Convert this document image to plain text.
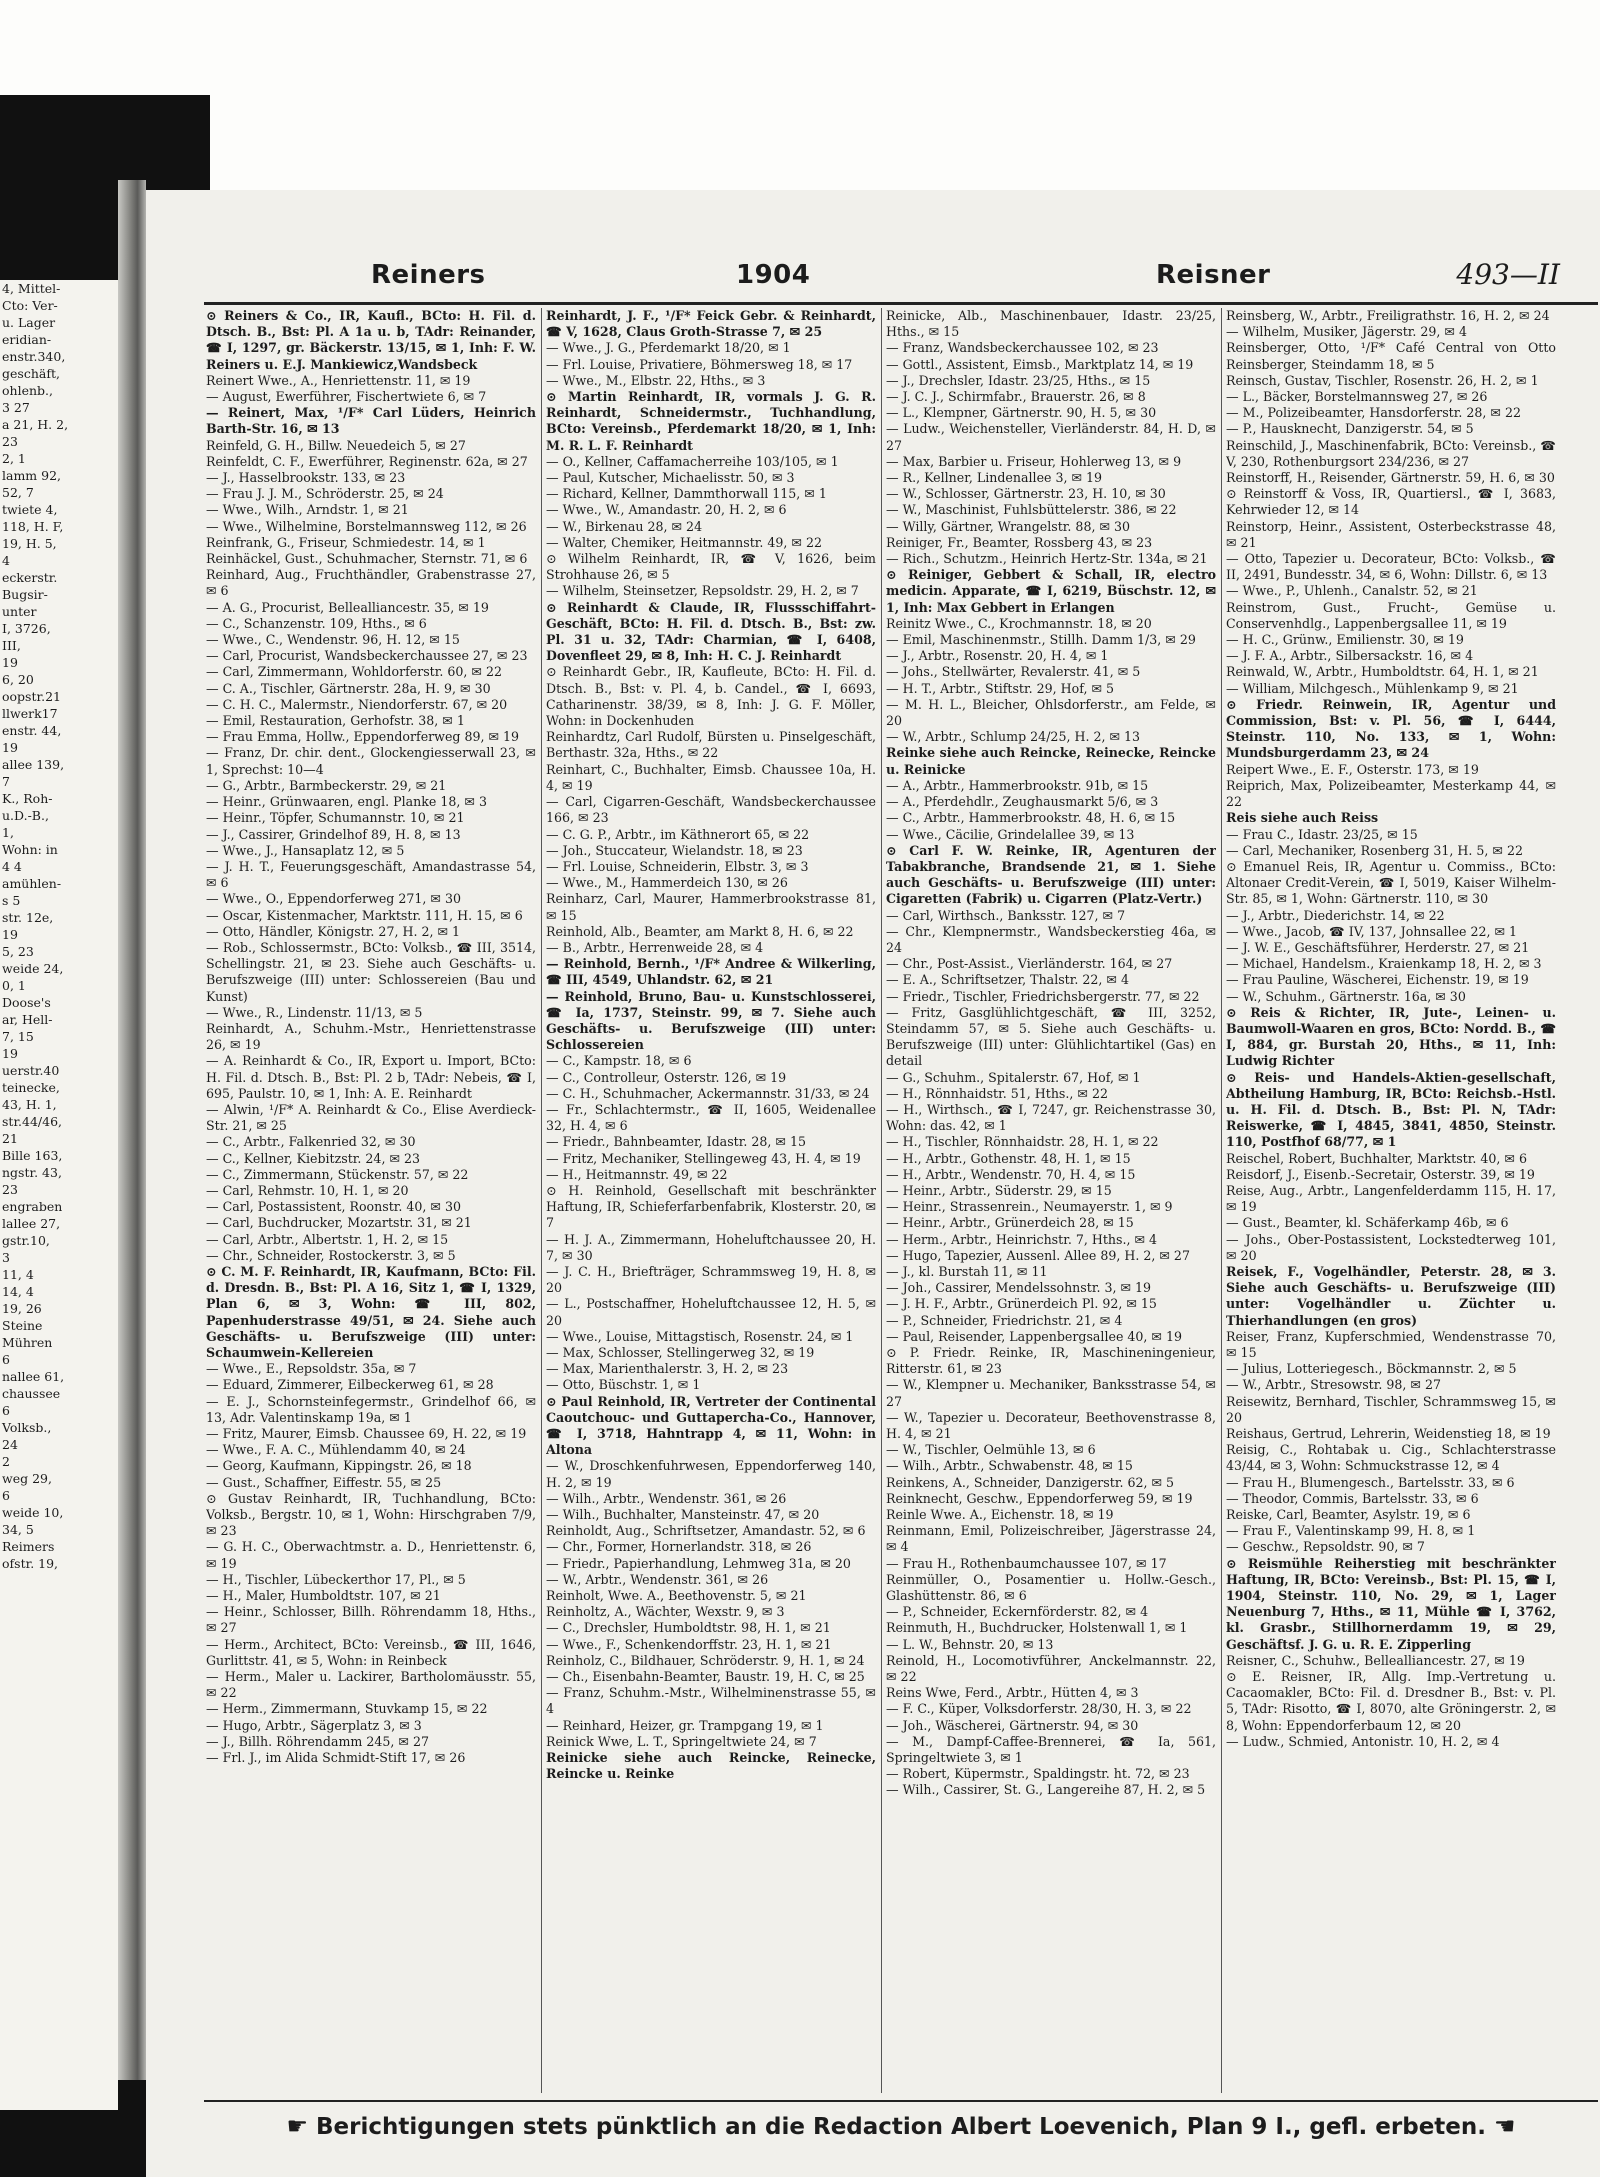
4, Mittel-
Cto: Ver-
u. Lager
eridian-
enstr.340,
geschäft,
ohlenb.,
3 27
a 21, H. 2,
23
2, 1
lamm 92,
52, 7
twiete 4,
118, H. F,
19, H. 5,
4
eckerstr.
Bugsir-
unter
I, 3726,
III,
19
6, 20
oopstr.21
llwerk17
enstr. 44,
19
allee 139,
7
K., Roh-
u.D.-B.,
1,
Wohn: in
4 4
amühlen-
s 5
str. 12e,
19
5, 23
weide 24,
0, 1
Doose's
ar, Hell-
7, 15
19
uerstr.40
teinecke,
43, H. 1,
str.44/46,
21
Bille 163,
ngstr. 43,
23
engraben
lallee 27,
gstr.10,
3
11, 4
14, 4
19, 26
Steine
Mühren
6
nallee 61,
chaussee
6
Volksb.,
24
2
weg 29,
6
weide 10,
34, 5
Reimers
ofstr. 19,
Reiners	1904	Reisner	493—II
⊙ Reiners & Co., IR, Kaufl., BCto: H. Fil. d. Dtsch. B., Bst: Pl. A 1a u. b, TAdr: Reinander, ☎ I, 1297, gr. Bäckerstr. 13/15, ✉ 1, Inh: F. W. Reiners u. E.J. Mankiewicz,Wandsbeck
Reinert Wwe., A., Henriettenstr. 11, ✉ 19
— August, Ewerführer, Fischertwiete 6, ✉ 7
— Reinert, Max, ¹/F* Carl Lüders, Heinrich Barth-Str. 16, ✉ 13
Reinfeld, G. H., Billw. Neuedeich 5, ✉ 27
Reinfeldt, C. F., Ewerführer, Reginenstr. 62a, ✉ 27
— J., Hasselbrookstr. 133, ✉ 23
— Frau J. J. M., Schröderstr. 25, ✉ 24
— Wwe., Wilh., Arndstr. 1, ✉ 21
— Wwe., Wilhelmine, Borstelmannsweg 112, ✉ 26
Reinfrank, G., Friseur, Schmiedestr. 14, ✉ 1
Reinhäckel, Gust., Schuhmacher, Sternstr. 71, ✉ 6
Reinhard, Aug., Fruchthändler, Grabenstrasse 27, ✉ 6
— A. G., Procurist, Bellealliancestr. 35, ✉ 19
— C., Schanzenstr. 109, Hths., ✉ 6
— Wwe., C., Wendenstr. 96, H. 12, ✉ 15
— Carl, Procurist, Wandsbeckerchaussee 27, ✉ 23
— Carl, Zimmermann, Wohldorferstr. 60, ✉ 22
— C. A., Tischler, Gärtnerstr. 28a, H. 9, ✉ 30
— C. H. C., Malermstr., Niendorferstr. 67, ✉ 20
— Emil, Restauration, Gerhofstr. 38, ✉ 1
— Frau Emma, Hollw., Eppendorferweg 89, ✉ 19
— Franz, Dr. chir. dent., Glockengiesserwall 23, ✉ 1, Sprechst: 10—4
— G., Arbtr., Barmbeckerstr. 29, ✉ 21
— Heinr., Grünwaaren, engl. Planke 18, ✉ 3
— Heinr., Töpfer, Schumannstr. 10, ✉ 21
— J., Cassirer, Grindelhof 89, H. 8, ✉ 13
— Wwe., J., Hansaplatz 12, ✉ 5
— J. H. T., Feuerungsgeschäft, Amandastrasse 54, ✉ 6
— Wwe., O., Eppendorferweg 271, ✉ 30
— Oscar, Kistenmacher, Marktstr. 111, H. 15, ✉ 6
— Otto, Händler, Königstr. 27, H. 2, ✉ 1
— Rob., Schlossermstr., BCto: Volksb., ☎ III, 3514, Schellingstr. 21, ✉ 23. Siehe auch Geschäfts- u. Berufszweige (III) unter: Schlossereien (Bau und Kunst)
— Wwe., R., Lindenstr. 11/13, ✉ 5
Reinhardt, A., Schuhm.-Mstr., Henriettenstrasse 26, ✉ 19
— A. Reinhardt & Co., IR, Export u. Import, BCto: H. Fil. d. Dtsch. B., Bst: Pl. 2 b, TAdr: Nebeis, ☎ I, 695, Paulstr. 10, ✉ 1, Inh: A. E. Reinhardt
— Alwin, ¹/F* A. Reinhardt & Co., Elise Averdieck-Str. 21, ✉ 25
— C., Arbtr., Falkenried 32, ✉ 30
— C., Kellner, Kiebitzstr. 24, ✉ 23
— C., Zimmermann, Stückenstr. 57, ✉ 22
— Carl, Rehmstr. 10, H. 1, ✉ 20
— Carl, Postassistent, Roonstr. 40, ✉ 30
— Carl, Buchdrucker, Mozartstr. 31, ✉ 21
— Carl, Arbtr., Albertstr. 1, H. 2, ✉ 15
— Chr., Schneider, Rostockerstr. 3, ✉ 5
⊙ C. M. F. Reinhardt, IR, Kaufmann, BCto: Fil. d. Dresdn. B., Bst: Pl. A 16, Sitz 1, ☎ I, 1329, Plan 6, ✉ 3, Wohn: ☎ III, 802, Papenhuderstrasse 49/51, ✉ 24. Siehe auch Geschäfts- u. Berufszweige (III) unter: Schaumwein-Kellereien
— Wwe., E., Repsoldstr. 35a, ✉ 7
— Eduard, Zimmerer, Eilbeckerweg 61, ✉ 28
— E. J., Schornsteinfegermstr., Grindelhof 66, ✉ 13, Adr. Valentinskamp 19a, ✉ 1
— Fritz, Maurer, Eimsb. Chaussee 69, H. 22, ✉ 19
— Wwe., F. A. C., Mühlendamm 40, ✉ 24
— Georg, Kaufmann, Kippingstr. 26, ✉ 18
— Gust., Schaffner, Eiffestr. 55, ✉ 25
⊙ Gustav Reinhardt, IR, Tuchhandlung, BCto: Volksb., Bergstr. 10, ✉ 1, Wohn: Hirschgraben 7/9, ✉ 23
— G. H. C., Oberwachtmstr. a. D., Henriettenstr. 6, ✉ 19
— H., Tischler, Lübeckerthor 17, Pl., ✉ 5
— H., Maler, Humboldtstr. 107, ✉ 21
— Heinr., Schlosser, Billh. Röhrendamm 18, Hths., ✉ 27
— Herm., Architect, BCto: Vereinsb., ☎ III, 1646, Gurlittstr. 41, ✉ 5, Wohn: in Reinbeck
— Herm., Maler u. Lackirer, Bartholomäusstr. 55, ✉ 22
— Herm., Zimmermann, Stuvkamp 15, ✉ 22
— Hugo, Arbtr., Sägerplatz 3, ✉ 3
— J., Billh. Röhrendamm 245, ✉ 27
— Frl. J., im Alida Schmidt-Stift 17, ✉ 26
Reinhardt, J. F., ¹/F* Feick Gebr. & Reinhardt, ☎ V, 1628, Claus Groth-Strasse 7, ✉ 25
— Wwe., J. G., Pferdemarkt 18/20, ✉ 1
— Frl. Louise, Privatiere, Böhmersweg 18, ✉ 17
— Wwe., M., Elbstr. 22, Hths., ✉ 3
⊙ Martin Reinhardt, IR, vormals J. G. R. Reinhardt, Schneidermstr., Tuchhandlung, BCto: Vereinsb., Pferdemarkt 18/20, ✉ 1, Inh: M. R. L. F. Reinhardt
— O., Kellner, Caffamacherreihe 103/105, ✉ 1
— Paul, Kutscher, Michaelisstr. 50, ✉ 3
— Richard, Kellner, Dammthorwall 115, ✉ 1
— Wwe., W., Amandastr. 20, H. 2, ✉ 6
— W., Birkenau 28, ✉ 24
— Walter, Chemiker, Heitmannstr. 49, ✉ 22
⊙ Wilhelm Reinhardt, IR, ☎ V, 1626, beim Strohhause 26, ✉ 5
— Wilhelm, Steinsetzer, Repsoldstr. 29, H. 2, ✉ 7
⊙ Reinhardt & Claude, IR, Flussschiffahrt-Geschäft, BCto: H. Fil. d. Dtsch. B., Bst: zw. Pl. 31 u. 32, TAdr: Charmian, ☎ I, 6408, Dovenfleet 29, ✉ 8, Inh: H. C. J. Reinhardt
⊙ Reinhardt Gebr., IR, Kaufleute, BCto: H. Fil. d. Dtsch. B., Bst: v. Pl. 4, b. Candel., ☎ I, 6693, Catharinenstr. 38/39, ✉ 8, Inh: J. G. F. Möller, Wohn: in Dockenhuden
Reinhardtz, Carl Rudolf, Bürsten u. Pinselgeschäft, Berthastr. 32a, Hths., ✉ 22
Reinhart, C., Buchhalter, Eimsb. Chaussee 10a, H. 4, ✉ 19
— Carl, Cigarren-Geschäft, Wandsbeckerchaussee 166, ✉ 23
— C. G. P., Arbtr., im Käthnerort 65, ✉ 22
— Joh., Stuccateur, Wielandstr. 18, ✉ 23
— Frl. Louise, Schneiderin, Elbstr. 3, ✉ 3
— Wwe., M., Hammerdeich 130, ✉ 26
Reinharz, Carl, Maurer, Hammerbrookstrasse 81, ✉ 15
Reinhold, Alb., Beamter, am Markt 8, H. 6, ✉ 22
— B., Arbtr., Herrenweide 28, ✉ 4
— Reinhold, Bernh., ¹/F* Andree & Wilkerling, ☎ III, 4549, Uhlandstr. 62, ✉ 21
— Reinhold, Bruno, Bau- u. Kunstschlosserei, ☎ Ia, 1737, Steinstr. 99, ✉ 7. Siehe auch Geschäfts- u. Berufszweige (III) unter: Schlossereien
— C., Kampstr. 18, ✉ 6
— C., Controlleur, Osterstr. 126, ✉ 19
— C. H., Schuhmacher, Ackermannstr. 31/33, ✉ 24
— Fr., Schlachtermstr., ☎ II, 1605, Weidenallee 32, H. 4, ✉ 6
— Friedr., Bahnbeamter, Idastr. 28, ✉ 15
— Fritz, Mechaniker, Stellingeweg 43, H. 4, ✉ 19
— H., Heitmannstr. 49, ✉ 22
⊙ H. Reinhold, Gesellschaft mit beschränkter Haftung, IR, Schieferfarbenfabrik, Klosterstr. 20, ✉ 7
— H. J. A., Zimmermann, Hoheluftchaussee 20, H. 7, ✉ 30
— J. C. H., Briefträger, Schrammsweg 19, H. 8, ✉ 20
— L., Postschaffner, Hoheluftchaussee 12, H. 5, ✉ 20
— Wwe., Louise, Mittagstisch, Rosenstr. 24, ✉ 1
— Max, Schlosser, Stellingerweg 32, ✉ 19
— Max, Marienthalerstr. 3, H. 2, ✉ 23
— Otto, Büschstr. 1, ✉ 1
⊙ Paul Reinhold, IR, Vertreter der Continental Caoutchouc- und Guttapercha-Co., Hannover, ☎ I, 3718, Hahntrapp 4, ✉ 11, Wohn: in Altona
— W., Droschkenfuhrwesen, Eppendorferweg 140, H. 2, ✉ 19
— Wilh., Arbtr., Wendenstr. 361, ✉ 26
— Wilh., Buchhalter, Mansteinstr. 47, ✉ 20
Reinholdt, Aug., Schriftsetzer, Amandastr. 52, ✉ 6
— Chr., Former, Hornerlandstr. 318, ✉ 26
— Friedr., Papierhandlung, Lehmweg 31a, ✉ 20
— W., Arbtr., Wendenstr. 361, ✉ 26
Reinholt, Wwe. A., Beethovenstr. 5, ✉ 21
Reinholtz, A., Wächter, Wexstr. 9, ✉ 3
— C., Drechsler, Humboldtstr. 98, H. 1, ✉ 21
— Wwe., F., Schenkendorffstr. 23, H. 1, ✉ 21
Reinholz, C., Bildhauer, Schröderstr. 9, H. 1, ✉ 24
— Ch., Eisenbahn-Beamter, Baustr. 19, H. C, ✉ 25
— Franz, Schuhm.-Mstr., Wilhelminenstrasse 55, ✉ 4
— Reinhard, Heizer, gr. Trampgang 19, ✉ 1
Reinick Wwe, L. T., Springeltwiete 24, ✉ 7
Reinicke siehe auch Reincke, Reinecke, Reincke u. Reinke
Reinicke, Alb., Maschinenbauer, Idastr. 23/25, Hths., ✉ 15
— Franz, Wandsbeckerchaussee 102, ✉ 23
— Gottl., Assistent, Eimsb., Marktplatz 14, ✉ 19
— J., Drechsler, Idastr. 23/25, Hths., ✉ 15
— J. C. J., Schirmfabr., Brauerstr. 26, ✉ 8
— L., Klempner, Gärtnerstr. 90, H. 5, ✉ 30
— Ludw., Weichensteller, Vierländerstr. 84, H. D, ✉ 27
— Max, Barbier u. Friseur, Hohlerweg 13, ✉ 9
— R., Kellner, Lindenallee 3, ✉ 19
— W., Schlosser, Gärtnerstr. 23, H. 10, ✉ 30
— W., Maschinist, Fuhlsbüttelerstr. 386, ✉ 22
— Willy, Gärtner, Wrangelstr. 88, ✉ 30
Reiniger, Fr., Beamter, Rossberg 43, ✉ 23
— Rich., Schutzm., Heinrich Hertz-Str. 134a, ✉ 21
⊙ Reiniger, Gebbert & Schall, IR, electro medicin. Apparate, ☎ I, 6219, Büschstr. 12, ✉ 1, Inh: Max Gebbert in Erlangen
Reinitz Wwe., C., Krochmannstr. 18, ✉ 20
— Emil, Maschinenmstr., Stillh. Damm 1/3, ✉ 29
— J., Arbtr., Rosenstr. 20, H. 4, ✉ 1
— Johs., Stellwärter, Revalerstr. 41, ✉ 5
— H. T., Arbtr., Stiftstr. 29, Hof, ✉ 5
— M. H. L., Bleicher, Ohlsdorferstr., am Felde, ✉ 20
— W., Arbtr., Schlump 24/25, H. 2, ✉ 13
Reinke siehe auch Reincke, Reinecke, Reincke u. Reinicke
— A., Arbtr., Hammerbrookstr. 91b, ✉ 15
— A., Pferdehdlr., Zeughausmarkt 5/6, ✉ 3
— C., Arbtr., Hammerbrookstr. 48, H. 6, ✉ 15
— Wwe., Cäcilie, Grindelallee 39, ✉ 13
⊙ Carl F. W. Reinke, IR, Agenturen der Tabakbranche, Brandsende 21, ✉ 1. Siehe auch Geschäfts- u. Berufszweige (III) unter: Cigaretten (Fabrik) u. Cigarren (Platz-Vertr.)
— Carl, Wirthsch., Banksstr. 127, ✉ 7
— Chr., Klempnermstr., Wandsbeckerstieg 46a, ✉ 24
— Chr., Post-Assist., Vierländerstr. 164, ✉ 27
— E. A., Schriftsetzer, Thalstr. 22, ✉ 4
— Friedr., Tischler, Friedrichsbergerstr. 77, ✉ 22
— Fritz, Gasglühlichtgeschäft, ☎ III, 3252, Steindamm 57, ✉ 5. Siehe auch Geschäfts- u. Berufszweige (III) unter: Glühlichtartikel (Gas) en detail
— G., Schuhm., Spitalerstr. 67, Hof, ✉ 1
— H., Rönnhaidstr. 51, Hths., ✉ 22
— H., Wirthsch., ☎ I, 7247, gr. Reichenstrasse 30, Wohn: das. 42, ✉ 1
— H., Tischler, Rönnhaidstr. 28, H. 1, ✉ 22
— H., Arbtr., Gothenstr. 48, H. 1, ✉ 15
— H., Arbtr., Wendenstr. 70, H. 4, ✉ 15
— Heinr., Arbtr., Süderstr. 29, ✉ 15
— Heinr., Strassenrein., Neumayerstr. 1, ✉ 9
— Heinr., Arbtr., Grünerdeich 28, ✉ 15
— Herm., Arbtr., Heinrichstr. 7, Hths., ✉ 4
— Hugo, Tapezier, Aussenl. Allee 89, H. 2, ✉ 27
— J., kl. Burstah 11, ✉ 11
— Joh., Cassirer, Mendelssohnstr. 3, ✉ 19
— J. H. F., Arbtr., Grünerdeich Pl. 92, ✉ 15
— P., Schneider, Friedrichstr. 21, ✉ 4
— Paul, Reisender, Lappenbergsallee 40, ✉ 19
⊙ P. Friedr. Reinke, IR, Maschineningenieur, Ritterstr. 61, ✉ 23
— W., Klempner u. Mechaniker, Banksstrasse 54, ✉ 27
— W., Tapezier u. Decorateur, Beethovenstrasse 8, H. 4, ✉ 21
— W., Tischler, Oelmühle 13, ✉ 6
— Wilh., Arbtr., Schwabenstr. 48, ✉ 15
Reinkens, A., Schneider, Danzigerstr. 62, ✉ 5
Reinknecht, Geschw., Eppendorferweg 59, ✉ 19
Reinle Wwe. A., Eichenstr. 18, ✉ 19
Reinmann, Emil, Polizeischreiber, Jägerstrasse 24, ✉ 4
— Frau H., Rothenbaumchaussee 107, ✉ 17
Reinmüller, O., Posamentier u. Hollw.-Gesch., Glashüttenstr. 86, ✉ 6
— P., Schneider, Eckernförderstr. 82, ✉ 4
Reinmuth, H., Buchdrucker, Holstenwall 1, ✉ 1
— L. W., Behnstr. 20, ✉ 13
Reinold, H., Locomotivführer, Anckelmannstr. 22, ✉ 22
Reins Wwe, Ferd., Arbtr., Hütten 4, ✉ 3
— F. C., Küper, Volksdorferstr. 28/30, H. 3, ✉ 22
— Joh., Wäscherei, Gärtnerstr. 94, ✉ 30
— M., Dampf-Caffee-Brennerei, ☎ Ia, 561, Springeltwiete 3, ✉ 1
— Robert, Küpermstr., Spaldingstr. ht. 72, ✉ 23
— Wilh., Cassirer, St. G., Langereihe 87, H. 2, ✉ 5
Reinsberg, W., Arbtr., Freiligrathstr. 16, H. 2, ✉ 24
— Wilhelm, Musiker, Jägerstr. 29, ✉ 4
Reinsberger, Otto, ¹/F* Café Central von Otto Reinsberger, Steindamm 18, ✉ 5
Reinsch, Gustav, Tischler, Rosenstr. 26, H. 2, ✉ 1
— L., Bäcker, Borstelmannsweg 27, ✉ 26
— M., Polizeibeamter, Hansdorferstr. 28, ✉ 22
— P., Hausknecht, Danzigerstr. 54, ✉ 5
Reinschild, J., Maschinenfabrik, BCto: Vereinsb., ☎ V, 230, Rothenburgsort 234/236, ✉ 27
Reinstorff, H., Reisender, Gärtnerstr. 59, H. 6, ✉ 30
⊙ Reinstorff & Voss, IR, Quartiersl., ☎ I, 3683, Kehrwieder 12, ✉ 14
Reinstorp, Heinr., Assistent, Osterbeckstrasse 48, ✉ 21
— Otto, Tapezier u. Decorateur, BCto: Volksb., ☎ II, 2491, Bundesstr. 34, ✉ 6, Wohn: Dillstr. 6, ✉ 13
— Wwe., P., Uhlenh., Canalstr. 52, ✉ 21
Reinstrom, Gust., Frucht-, Gemüse u. Conservenhdlg., Lappenbergsallee 11, ✉ 19
— H. C., Grünw., Emilienstr. 30, ✉ 19
— J. F. A., Arbtr., Silbersackstr. 16, ✉ 4
Reinwald, W., Arbtr., Humboldtstr. 64, H. 1, ✉ 21
— William, Milchgesch., Mühlenkamp 9, ✉ 21
⊙ Friedr. Reinwein, IR, Agentur und Commission, Bst: v. Pl. 56, ☎ I, 6444, Steinstr. 110, No. 133, ✉ 1, Wohn: Mundsburgerdamm 23, ✉ 24
Reipert Wwe., E. F., Osterstr. 173, ✉ 19
Reiprich, Max, Polizeibeamter, Mesterkamp 44, ✉ 22
Reis siehe auch Reiss
— Frau C., Idastr. 23/25, ✉ 15
— Carl, Mechaniker, Rosenberg 31, H. 5, ✉ 22
⊙ Emanuel Reis, IR, Agentur u. Commiss., BCto: Altonaer Credit-Verein, ☎ I, 5019, Kaiser Wilhelm-Str. 85, ✉ 1, Wohn: Gärtnerstr. 110, ✉ 30
— J., Arbtr., Diederichstr. 14, ✉ 22
— Wwe., Jacob, ☎ IV, 137, Johnsallee 22, ✉ 1
— J. W. E., Geschäftsführer, Herderstr. 27, ✉ 21
— Michael, Handelsm., Kraienkamp 18, H. 2, ✉ 3
— Frau Pauline, Wäscherei, Eichenstr. 19, ✉ 19
— W., Schuhm., Gärtnerstr. 16a, ✉ 30
⊙ Reis & Richter, IR, Jute-, Leinen- u. Baumwoll-Waaren en gros, BCto: Nordd. B., ☎ I, 884, gr. Burstah 20, Hths., ✉ 11, Inh: Ludwig Richter
⊙ Reis- und Handels-Aktien-gesellschaft, Abtheilung Hamburg, IR, BCto: Reichsb.-Hstl. u. H. Fil. d. Dtsch. B., Bst: Pl. N, TAdr: Reiswerke, ☎ I, 4845, 3841, 4850, Steinstr. 110, Postfhof 68/77, ✉ 1
Reischel, Robert, Buchhalter, Marktstr. 40, ✉ 6
Reisdorf, J., Eisenb.-Secretair, Osterstr. 39, ✉ 19
Reise, Aug., Arbtr., Langenfelderdamm 115, H. 17, ✉ 19
— Gust., Beamter, kl. Schäferkamp 46b, ✉ 6
— Johs., Ober-Postassistent, Lockstedterweg 101, ✉ 20
Reisek, F., Vogelhändler, Peterstr. 28, ✉ 3. Siehe auch Geschäfts- u. Berufszweige (III) unter: Vogelhändler u. Züchter u. Thierhandlungen (en gros)
Reiser, Franz, Kupferschmied, Wendenstrasse 70, ✉ 15
— Julius, Lotteriegesch., Böckmannstr. 2, ✉ 5
— W., Arbtr., Stresowstr. 98, ✉ 27
Reisewitz, Bernhard, Tischler, Schrammsweg 15, ✉ 20
Reishaus, Gertrud, Lehrerin, Weidenstieg 18, ✉ 19
Reisig, C., Rohtabak u. Cig., Schlachterstrasse 43/44, ✉ 3, Wohn: Schmuckstrasse 12, ✉ 4
— Frau H., Blumengesch., Bartelsstr. 33, ✉ 6
— Theodor, Commis, Bartelsstr. 33, ✉ 6
Reiske, Carl, Beamter, Asylstr. 19, ✉ 6
— Frau F., Valentinskamp 99, H. 8, ✉ 1
— Geschw., Repsoldstr. 90, ✉ 7
⊙ Reismühle Reiherstieg mit beschränkter Haftung, IR, BCto: Vereinsb., Bst: Pl. 15, ☎ I, 1904, Steinstr. 110, No. 29, ✉ 1, Lager Neuenburg 7, Hths., ✉ 11, Mühle ☎ I, 3762, kl. Grasbr., Stillhornerdamm 19, ✉ 29, Geschäftsf. J. G. u. R. E. Zipperling
Reisner, C., Schuhw., Bellealliancestr. 27, ✉ 19
⊙ E. Reisner, IR, Allg. Imp.-Vertretung u. Cacaomakler, BCto: Fil. d. Dresdner B., Bst: v. Pl. 5, TAdr: Risotto, ☎ I, 8070, alte Gröningerstr. 2, ✉ 8, Wohn: Eppendorferbaum 12, ✉ 20
— Ludw., Schmied, Antonistr. 10, H. 2, ✉ 4
☛ Berichtigungen stets pünktlich an die Redaction Albert Loevenich, Plan 9 I., gefl. erbeten. ☛
